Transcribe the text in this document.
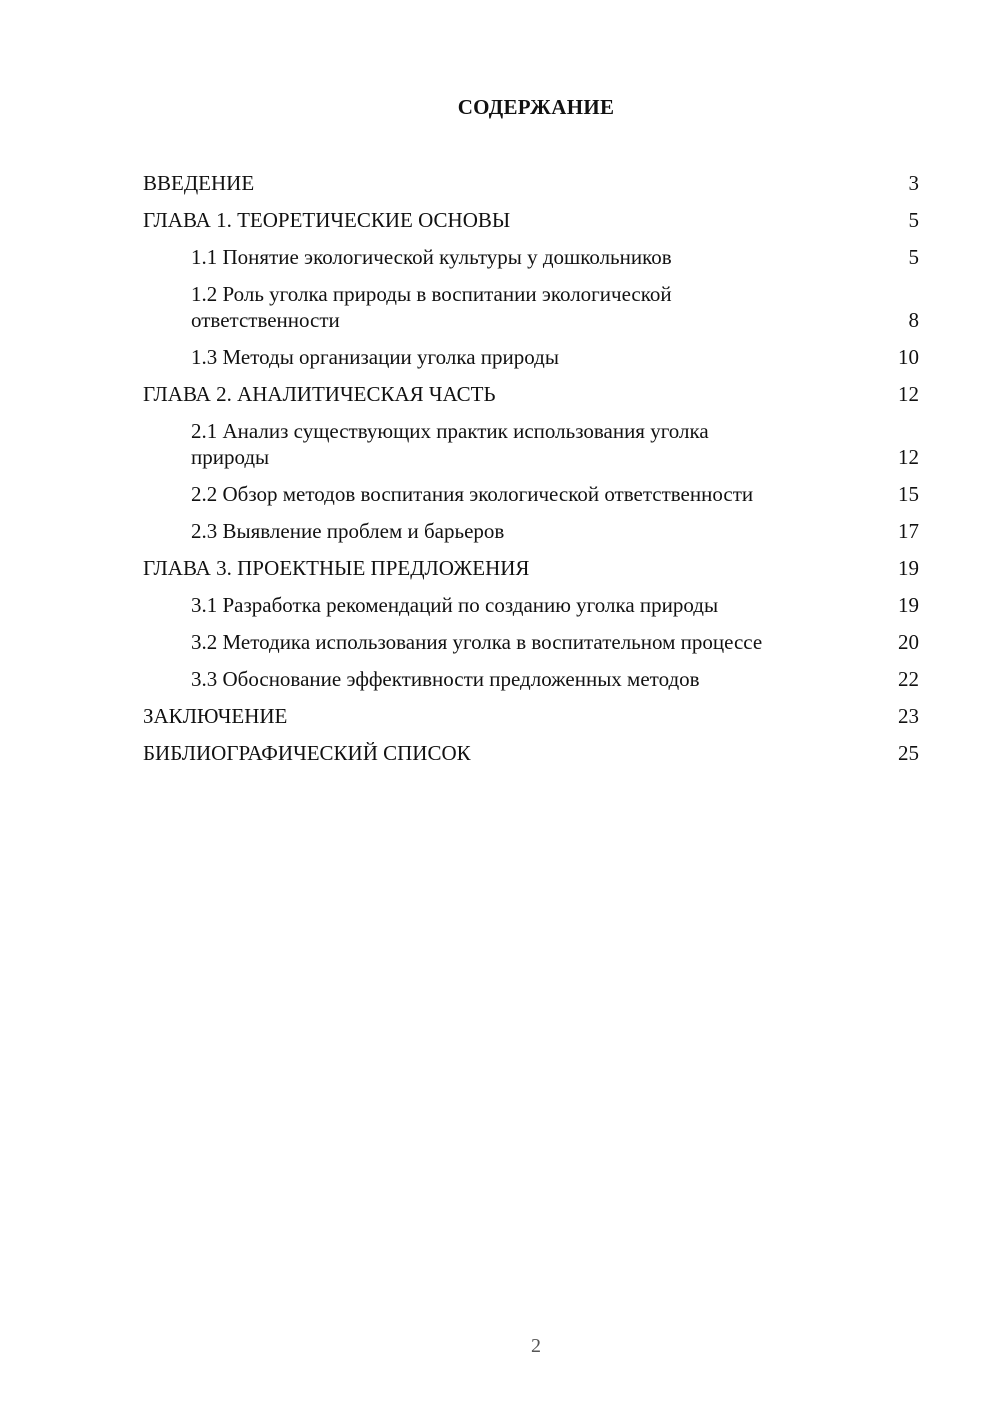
СОДЕРЖАНИЕ
ВВЕДЕНИЕ	3
ГЛАВА 1. ТЕОРЕТИЧЕСКИЕ ОСНОВЫ	5
1.1 Понятие экологической культуры у дошкольников	5
1.2 Роль уголка природы в воспитании экологической ответственности	8
1.3 Методы организации уголка природы	10
ГЛАВА 2. АНАЛИТИЧЕСКАЯ ЧАСТЬ	12
2.1 Анализ существующих практик использования уголка природы	12
2.2 Обзор методов воспитания экологической ответственности	15
2.3 Выявление проблем и барьеров	17
ГЛАВА 3. ПРОЕКТНЫЕ ПРЕДЛОЖЕНИЯ	19
3.1 Разработка рекомендаций по созданию уголка природы	19
3.2 Методика использования уголка в воспитательном процессе	20
3.3 Обоснование эффективности предложенных методов	22
ЗАКЛЮЧЕНИЕ	23
БИБЛИОГРАФИЧЕСКИЙ СПИСОК	25
2
